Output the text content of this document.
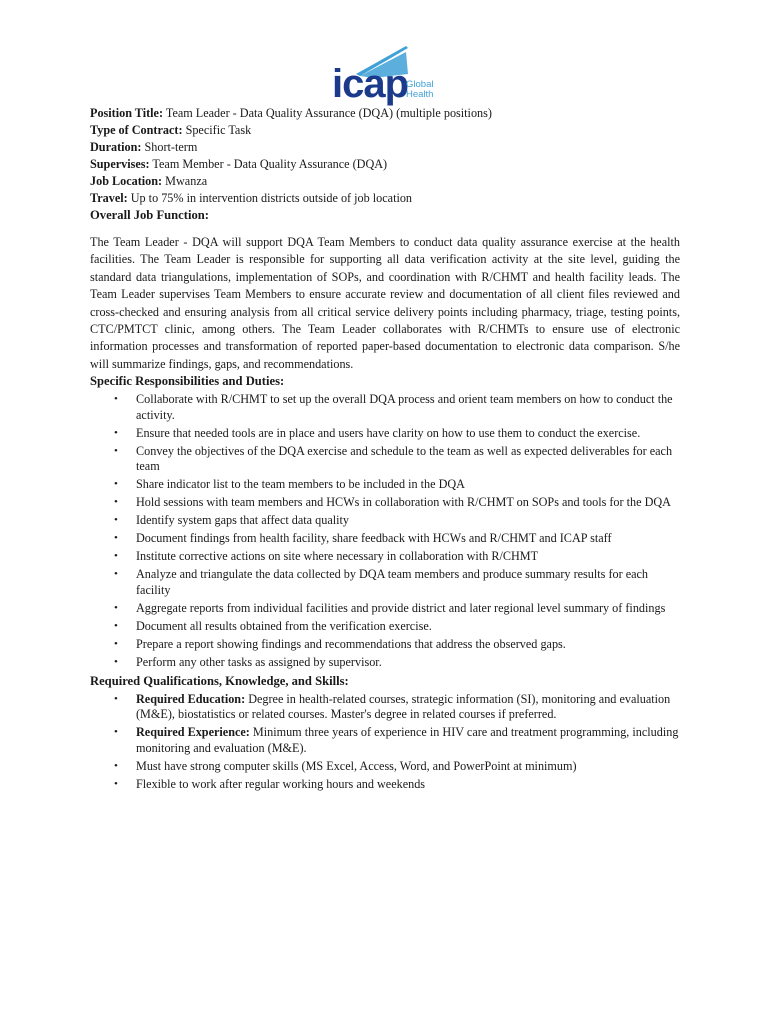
icap
Global
Health

Position Title: Team Leader - Data Quality Assurance (DQA) (multiple positions)

Type of Contract: Specific Task

Duration: Short-term

Supervises: Team Member - Data Quality Assurance (DQA)

Job Location: Mwanza

Travel: Up to 75% in intervention districts outside of job location

Overall Job Function:

The Team Leader - DQA will support DQA Team Members to conduct data quality assurance exercise at the health facilities. The Team Leader is responsible for supporting all data verification activity at the site level, guiding the standard data triangulations, implementation of SOPs, and coordination with R/CHMT and health facility leads. The Team Leader supervises Team Members to ensure accurate review and documentation of all client files reviewed and cross-checked and ensuring analysis from all critical service delivery points including pharmacy, triage, testing points, CTC/PMTCT clinic, among others. The Team Leader collaborates with R/CHMTs to ensure use of electronic information processes and transformation of reported paper-based documentation to electronic data comparison. S/he will summarize findings, gaps, and recommendations.

Specific Responsibilities and Duties:
• Collaborate with R/CHMT to set up the overall DQA process and orient team members on how to conduct the activity.
• Ensure that needed tools are in place and users have clarity on how to use them to conduct the exercise.
• Convey the objectives of the DQA exercise and schedule to the team as well as expected deliverables for each team
• Share indicator list to the team members to be included in the DQA
• Hold sessions with team members and HCWs in collaboration with R/CHMT on SOPs and tools for the DQA
• Identify system gaps that affect data quality
• Document findings from health facility, share feedback with HCWs and R/CHMT and ICAP staff
• Institute corrective actions on site where necessary in collaboration with R/CHMT
• Analyze and triangulate the data collected by DQA team members and produce summary results for each facility
• Aggregate reports from individual facilities and provide district and later regional level summary of findings
• Document all results obtained from the verification exercise.
• Prepare a report showing findings and recommendations that address the observed gaps.
• Perform any other tasks as assigned by supervisor.
Required Qualifications, Knowledge, and Skills:
• Required Education: Degree in health-related courses, strategic information (SI), monitoring and evaluation (M&E), biostatistics or related courses. Master's degree in related courses if preferred.
• Required Experience: Minimum three years of experience in HIV care and treatment programming, including monitoring and evaluation (M&E).
• Must have strong computer skills (MS Excel, Access, Word, and PowerPoint at minimum)
• Flexible to work after regular working hours and weekends
